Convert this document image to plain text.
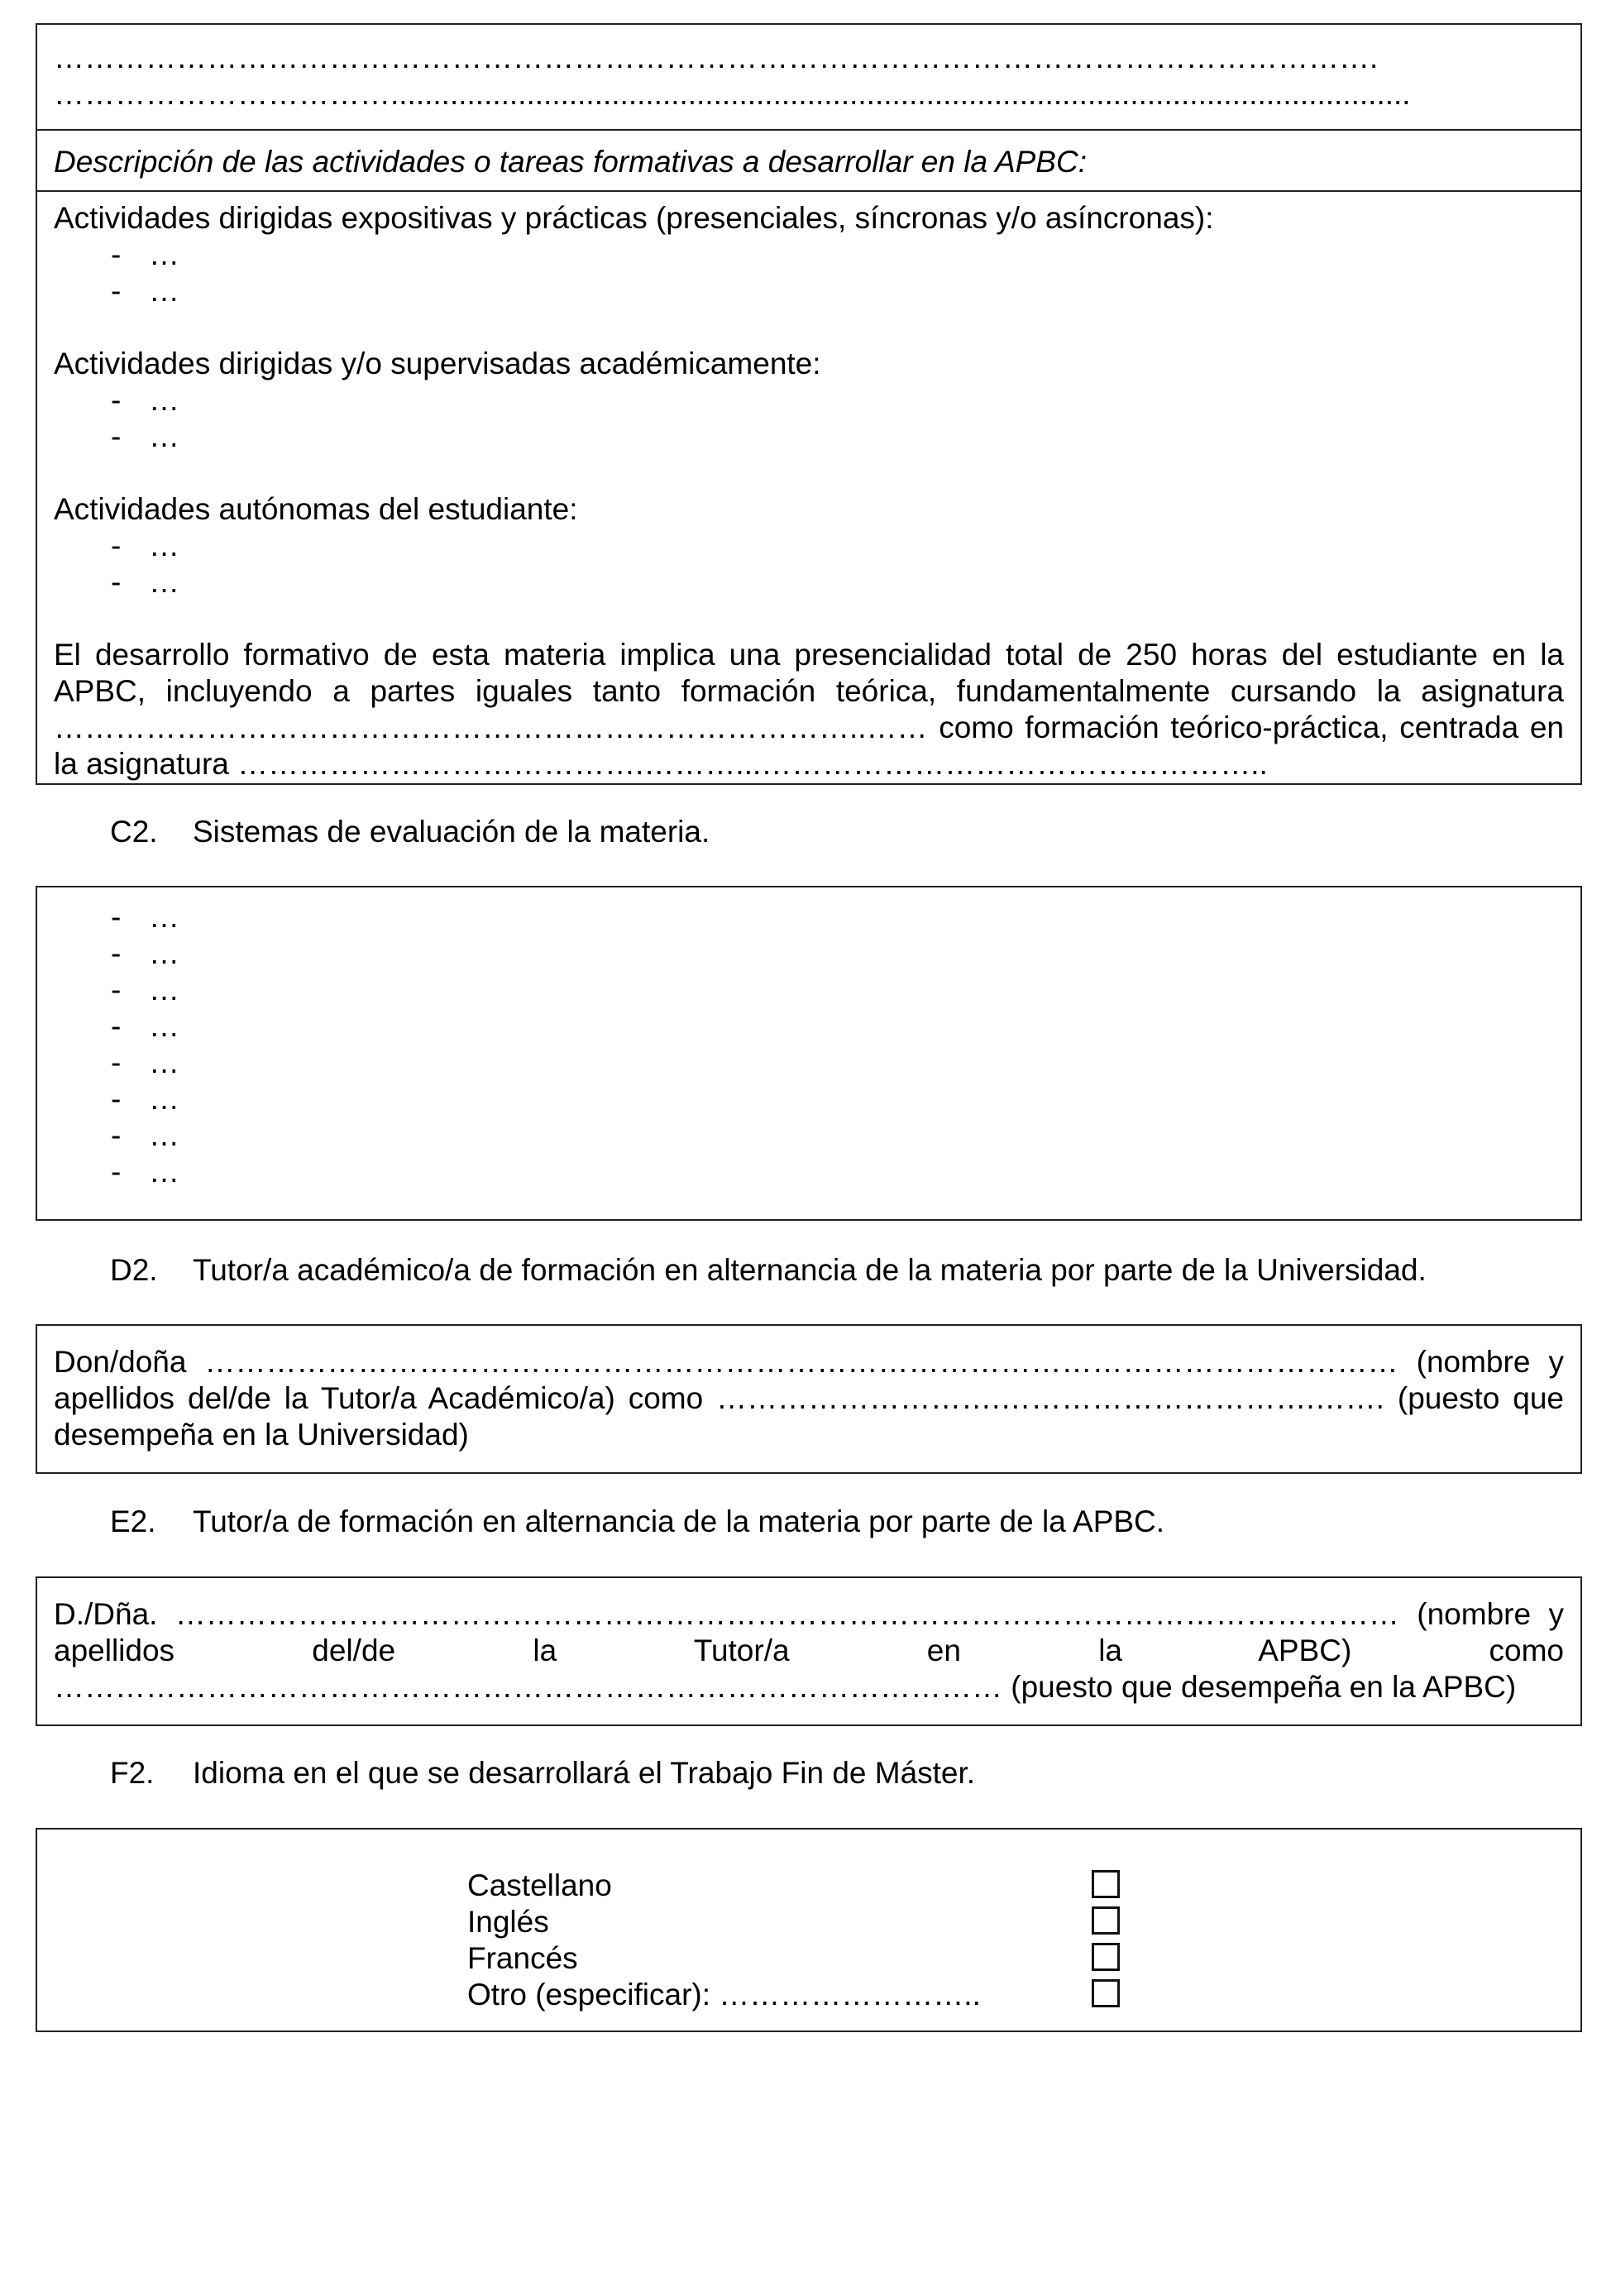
………………………………………………………………………………………………………………….
……………………………........................................................................................................................
Descripción de las actividades o tareas formativas a desarrollar en la APBC:
Actividades dirigidas expositivas y prácticas (presenciales, síncronas y/o asíncronas):
- …
- …
Actividades dirigidas y/o supervisadas académicamente:
- …
- …
Actividades autónomas del estudiante:
- …
- …
El desarrollo formativo de esta materia implica una presencialidad total de 250 horas del estudiante en la APBC, incluyendo a partes iguales tanto formación teórica, fundamentalmente cursando la asignatura ……………………………………………………………………..…… como formación teórico-práctica, centrada en la asignatura ………………………………….………...…………………………………………..
C2. Sistemas de evaluación de la materia.
- …
- …
- …
- …
- …
- …
- …
- …
D2. Tutor/a académico/a de formación en alternancia de la materia por parte de la Universidad.
Don/doña ……………………………………………………………………………………………………… (nombre y apellidos del/de la Tutor/a Académico/a) como ……………………….………………………….……. (puesto que desempeña en la Universidad)
E2. Tutor/a de formación en alternancia de la materia por parte de la APBC.
D./Dña. ………………………………………………………………………………………………………… (nombre y apellidos del/de la Tutor/a en la APBC) como ………………………………………………………………………………… (puesto que desempeña en la APBC)
F2. Idioma en el que se desarrollará el Trabajo Fin de Máster.
Castellano
Inglés
Francés
Otro (especificar): ……………………..
